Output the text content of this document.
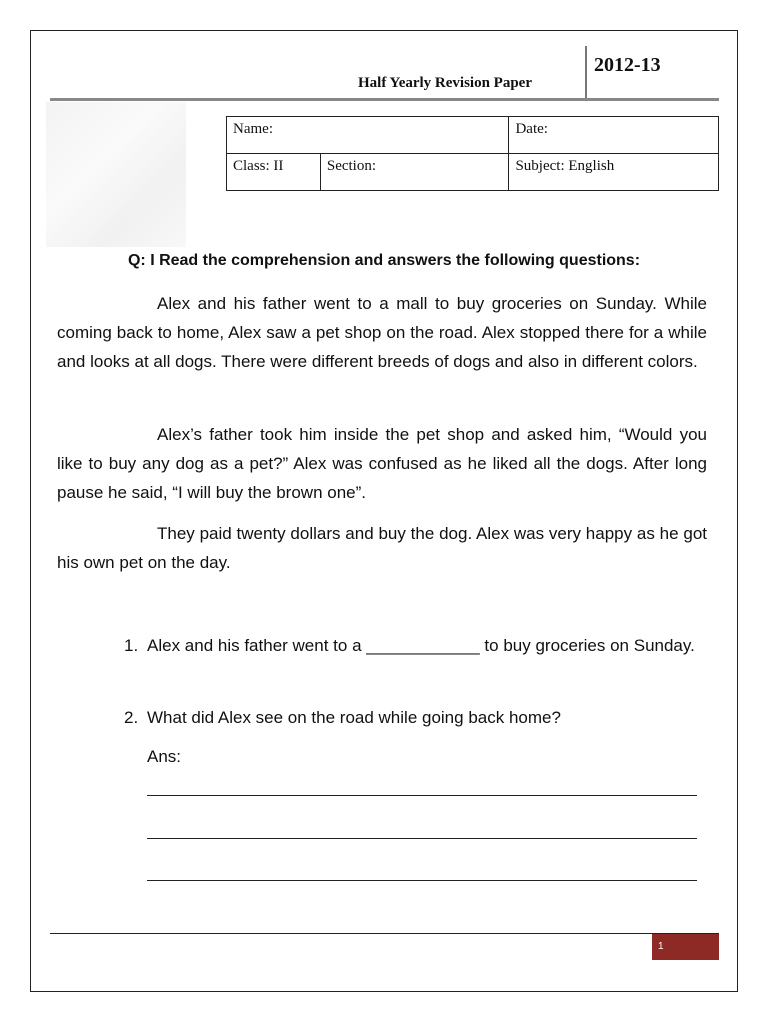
Half Yearly Revision Paper
2012-13
Name:		Date:
Class: II	Section:	Subject: English
Q: I Read the comprehension and answers the following questions:
Alex and his father went to a mall to buy groceries on Sunday. While coming back to home, Alex saw a pet shop on the road. Alex stopped there for a while and looks at all dogs. There were different breeds of dogs and also in different colors.
Alex’s father took him inside the pet shop and asked him, “Would you like to buy any dog as a pet?” Alex was confused as he liked all the dogs. After long pause he said, “I will buy the brown one”.
They paid twenty dollars and buy the dog. Alex was very happy as he got his own pet on the day.
1. Alex and his father went to a ____________ to buy groceries on Sunday.
2. What did Alex see on the road while going back home?
Ans:
1
